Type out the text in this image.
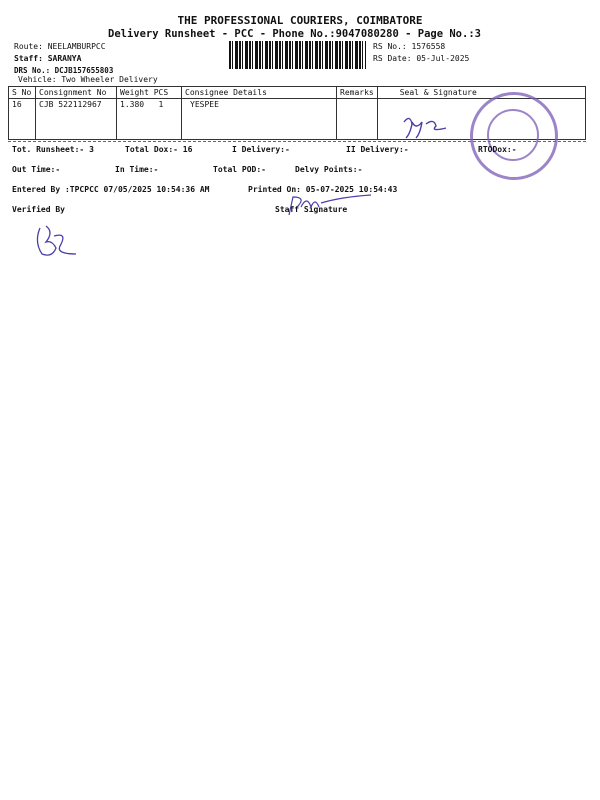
THE PROFESSIONAL COURIERS, COIMBATORE
Delivery Runsheet - PCC - Phone No.:9047080280 - Page No.:3
Route: NEELAMBURPCC
Staff: SARANYA
DRS No.: DCJB157655803
Vehicle: Two Wheeler Delivery
RS No.: 1576558
RS Date: 05-Jul-2025
S No	Consignment No	Weight PCS	Consignee Details	Remarks	Seal & Signature
16	CJB 522112967	1.380 1	YESPEE		
Tot. Runsheet:- 3	Total Dox:- 16	I Delivery:-	II Delivery:-	RTODox:-
Out Time:-	In Time:-	Total POD:-	Delvy Points:-
Entered By :TPCPCC 07/05/2025 10:54:36 AM	Printed On: 05-07-2025 10:54:43
Verified By	Staff Signature
